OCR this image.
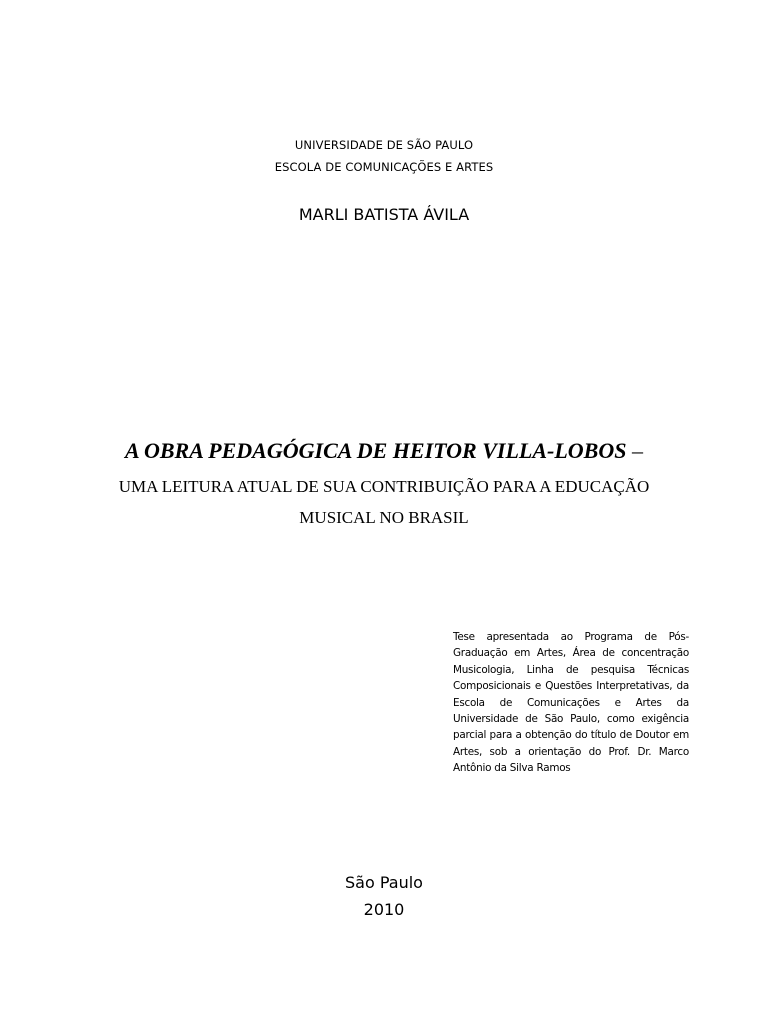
UNIVERSIDADE DE SÃO PAULO
ESCOLA DE COMUNICAÇÕES E ARTES
MARLI BATISTA ÁVILA
A OBRA PEDAGÓGICA DE HEITOR VILLA-LOBOS –
UMA LEITURA ATUAL DE SUA CONTRIBUIÇÃO PARA A EDUCAÇÃO
MUSICAL NO BRASIL
Tese apresentada ao Programa de Pós-Graduação em Artes, Área de concentração Musicologia, Linha de pesquisa Técnicas Composicionais e Questões Interpretativas, da Escola de Comunicações e Artes da Universidade de São Paulo, como exigência parcial para a obtenção do título de Doutor em Artes, sob a orientação do Prof. Dr. Marco Antônio da Silva Ramos
São Paulo
2010
